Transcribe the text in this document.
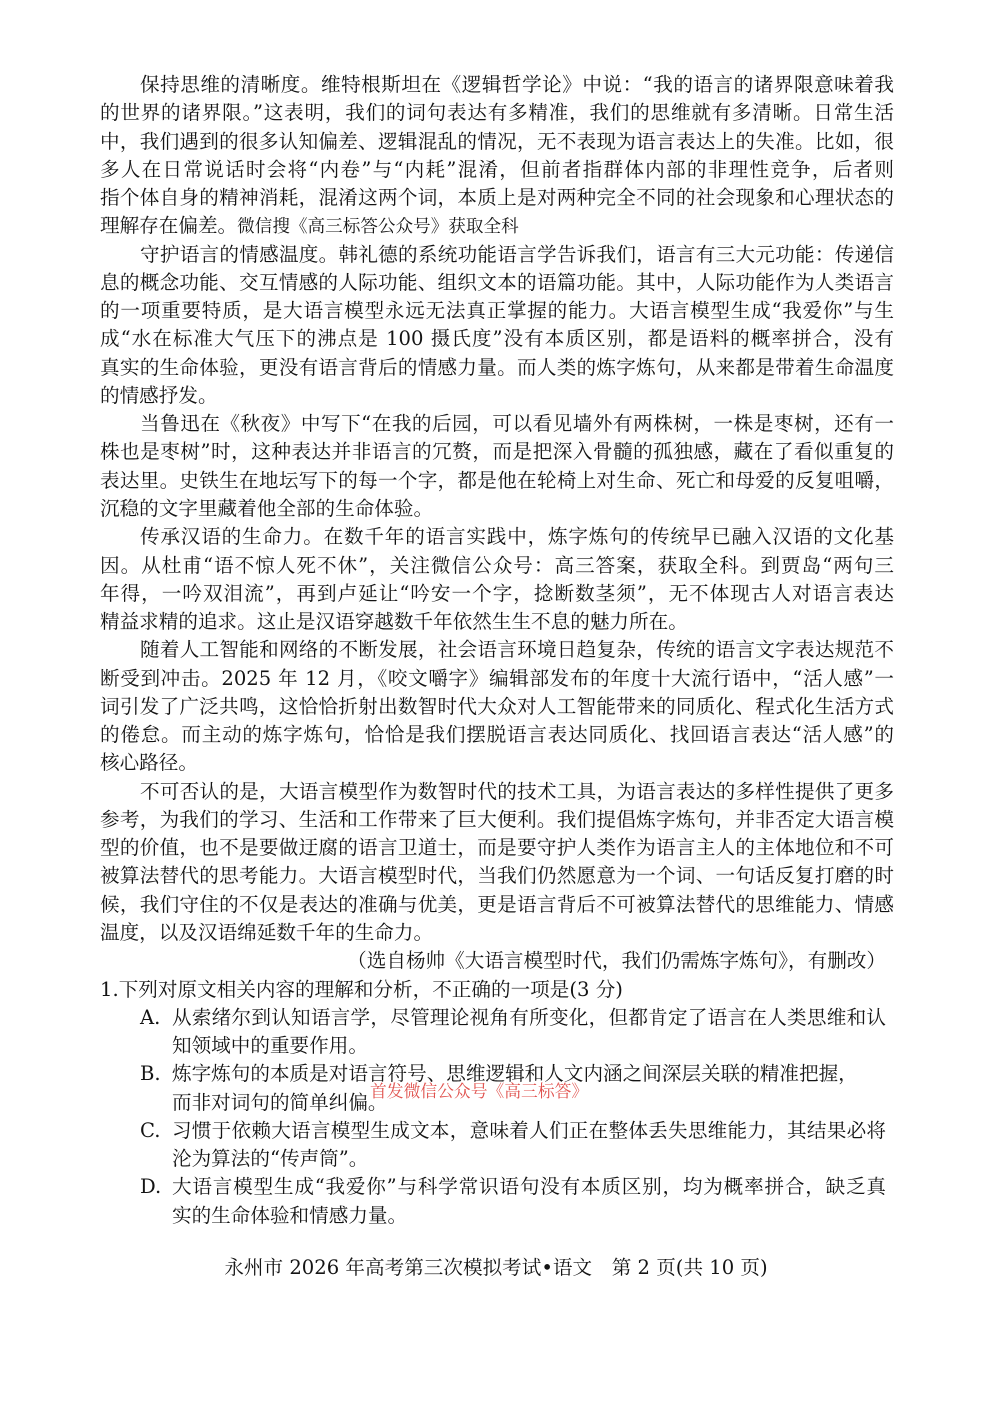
保持思维的清晰度。维特根斯坦在《逻辑哲学论》中说：“我的语言的诸界限意味着我
的世界的诸界限。”这表明，我们的词句表达有多精准，我们的思维就有多清晰。日常生活
中，我们遇到的很多认知偏差、逻辑混乱的情况，无不表现为语言表达上的失准。比如，很
多人在日常说话时会将“内卷”与“内耗”混淆，但前者指群体内部的非理性竞争，后者则
指个体自身的精神消耗，混淆这两个词，本质上是对两种完全不同的社会现象和心理状态的
理解存在偏差。微信搜《高三标答公众号》获取全科
守护语言的情感温度。韩礼德的系统功能语言学告诉我们，语言有三大元功能：传递信
息的概念功能、交互情感的人际功能、组织文本的语篇功能。其中，人际功能作为人类语言
的一项重要特质，是大语言模型永远无法真正掌握的能力。大语言模型生成“我爱你”与生
成“水在标准大气压下的沸点是 100 摄氏度”没有本质区别，都是语料的概率拼合，没有
真实的生命体验，更没有语言背后的情感力量。而人类的炼字炼句，从来都是带着生命温度
的情感抒发。
当鲁迅在《秋夜》中写下“在我的后园，可以看见墙外有两株树，一株是枣树，还有一
株也是枣树”时，这种表达并非语言的冗赘，而是把深入骨髓的孤独感，藏在了看似重复的
表达里。史铁生在地坛写下的每一个字，都是他在轮椅上对生命、死亡和母爱的反复咀嚼，
沉稳的文字里藏着他全部的生命体验。
传承汉语的生命力。在数千年的语言实践中，炼字炼句的传统早已融入汉语的文化基
因。从杜甫“语不惊人死不休”，关注微信公众号：高三答案，获取全科。到贾岛“两句三
年得，一吟双泪流”，再到卢延让“吟安一个字，捻断数茎须”，无不体现古人对语言表达
精益求精的追求。这止是汉语穿越数千年依然生生不息的魅力所在。
随着人工智能和网络的不断发展，社会语言环境日趋复杂，传统的语言文字表达规范不
断受到冲击。2025 年 12 月，《咬文嚼字》编辑部发布的年度十大流行语中，“活人感”一
词引发了广泛共鸣，这恰恰折射出数智时代大众对人工智能带来的同质化、程式化生活方式
的倦怠。而主动的炼字炼句，恰恰是我们摆脱语言表达同质化、找回语言表达“活人感”的
核心路径。
不可否认的是，大语言模型作为数智时代的技术工具，为语言表达的多样性提供了更多
参考，为我们的学习、生活和工作带来了巨大便利。我们提倡炼字炼句，并非否定大语言模
型的价值，也不是要做迂腐的语言卫道士，而是要守护人类作为语言主人的主体地位和不可
被算法替代的思考能力。大语言模型时代，当我们仍然愿意为一个词、一句话反复打磨的时
候，我们守住的不仅是表达的准确与优美，更是语言背后不可被算法替代的思维能力、情感
温度，以及汉语绵延数千年的生命力。
（选自杨帅《大语言模型时代，我们仍需炼字炼句》，有删改）
1.下列对原文相关内容的理解和分析，不正确的一项是(3 分)
A. 从索绪尔到认知语言学，尽管理论视角有所变化，但都肯定了语言在人类思维和认
知领域中的重要作用。
B. 炼字炼句的本质是对语言符号、思维逻辑和人文内涵之间深层关联的精准把握，
而非对词句的简单纠偏。
C. 习惯于依赖大语言模型生成文本，意味着人们正在整体丢失思维能力，其结果必将
沦为算法的“传声筒”。
D. 大语言模型生成“我爱你”与科学常识语句没有本质区别，均为概率拼合，缺乏真
实的生命体验和情感力量。
首发微信公众号《高三标答》
永州市 2026 年高考第三次模拟考试•语文　第 2 页(共 10 页)
